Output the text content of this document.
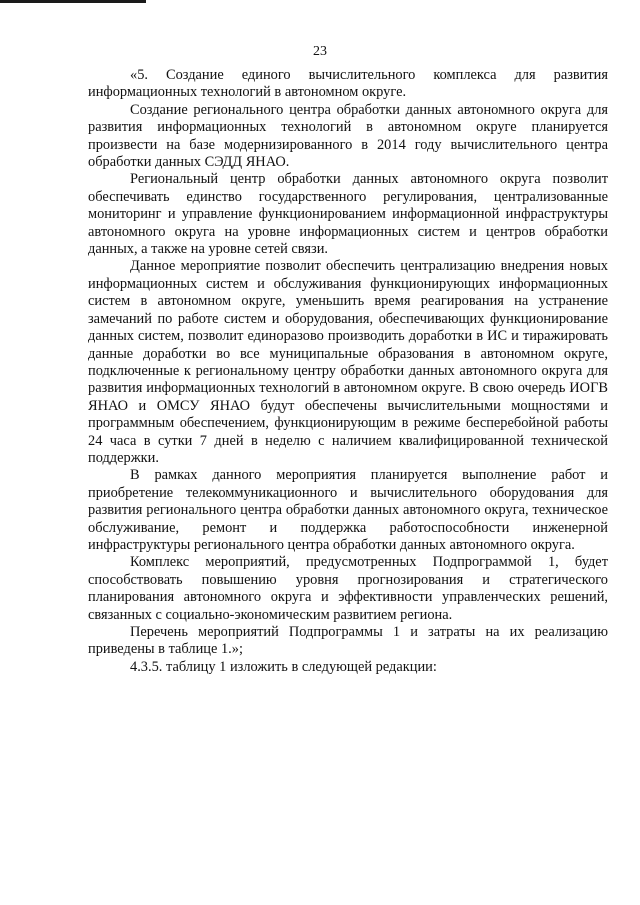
23

«5. Создание единого вычислительного комплекса для развития информационных технологий в автономном округе.

Создание регионального центра обработки данных автономного округа для развития информационных технологий в автономном округе планируется произвести на базе модернизированного в 2014 году вычислительного центра обработки данных СЭДД ЯНАО.

Региональный центр обработки данных автономного округа позволит обеспечивать единство государственного регулирования, централизованные мониторинг и управление функционированием информационной инфраструктуры автономного округа на уровне информационных систем и центров обработки данных, а также на уровне сетей связи.

Данное мероприятие позволит обеспечить централизацию внедрения новых информационных систем и обслуживания функционирующих информационных систем в автономном округе, уменьшить время реагирования на устранение замечаний по работе систем и оборудования, обеспечивающих функционирование данных систем, позволит единоразово производить доработки в ИС и тиражировать данные доработки во все муниципальные образования в автономном округе, подключенные к региональному центру обработки данных автономного округа для развития информационных технологий в автономном округе. В свою очередь ИОГВ ЯНАО и ОМСУ ЯНАО будут обеспечены вычислительными мощностями и программным обеспечением, функционирующим в режиме бесперебойной работы 24 часа в сутки 7 дней в неделю с наличием квалифицированной технической поддержки.

В рамках данного мероприятия планируется выполнение работ и приобретение телекоммуникационного и вычислительного оборудования для развития регионального центра обработки данных автономного округа, техническое обслуживание, ремонт и поддержка работоспособности инженерной инфраструктуры регионального центра обработки данных автономного округа.

Комплекс мероприятий, предусмотренных Подпрограммой 1, будет способствовать повышению уровня прогнозирования и стратегического планирования автономного округа и эффективности управленческих решений, связанных с социально-экономическим развитием региона.

Перечень мероприятий Подпрограммы 1 и затраты на их реализацию приведены в таблице 1.»;

4.3.5. таблицу 1 изложить в следующей редакции:
